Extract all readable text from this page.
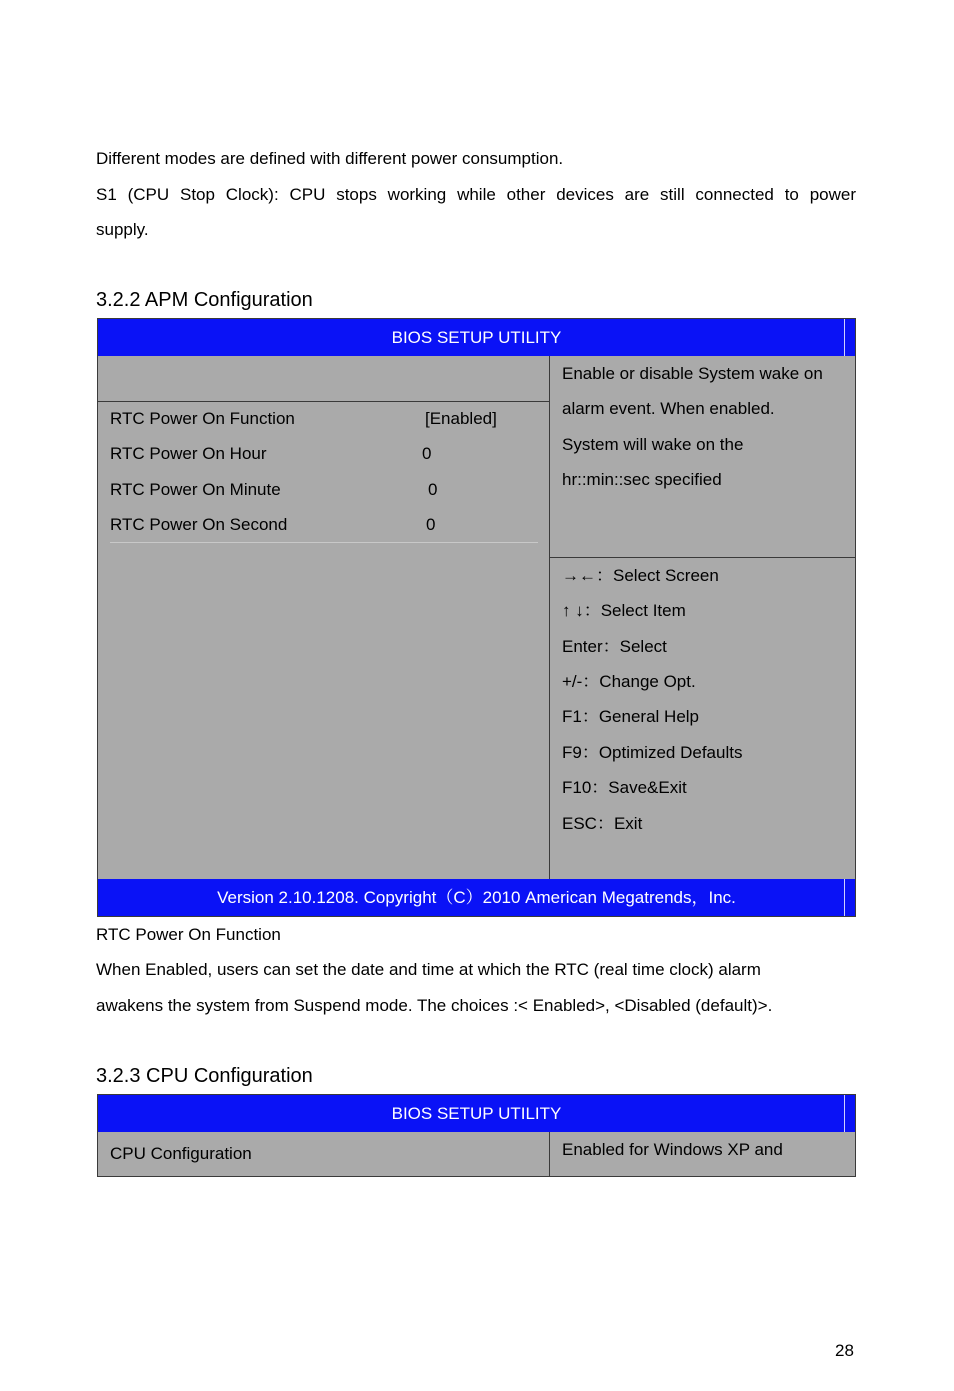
Different modes are defined with different power consumption.

S1 (CPU Stop Clock): CPU stops working while other devices are still connected to power

supply.

3.2.2 APM Configuration
BIOS SETUP UTILITY
RTC Power On Function	[Enabled]
RTC Power On Hour	0
RTC Power On Minute	0
RTC Power On Second	0
Enable or disable System wake on
alarm event. When enabled.
System will wake on the
hr::min::sec specified
→←：Select Screen
↑ ↓：Select Item
Enter：Select
+/-：Change Opt.
F1：General Help
F9：Optimized Defaults
F10：Save&Exit
ESC：Exit
Version 2.10.1208. Copyright（C）2010 American Megatrends，Inc.

RTC Power On Function

When Enabled, users can set the date and time at which the RTC (real time clock) alarm

awakens the system from Suspend mode. The choices :< Enabled>, <Disabled (default)>.

3.2.3 CPU Configuration
BIOS SETUP UTILITY
CPU Configuration	Enabled for Windows XP and
28
